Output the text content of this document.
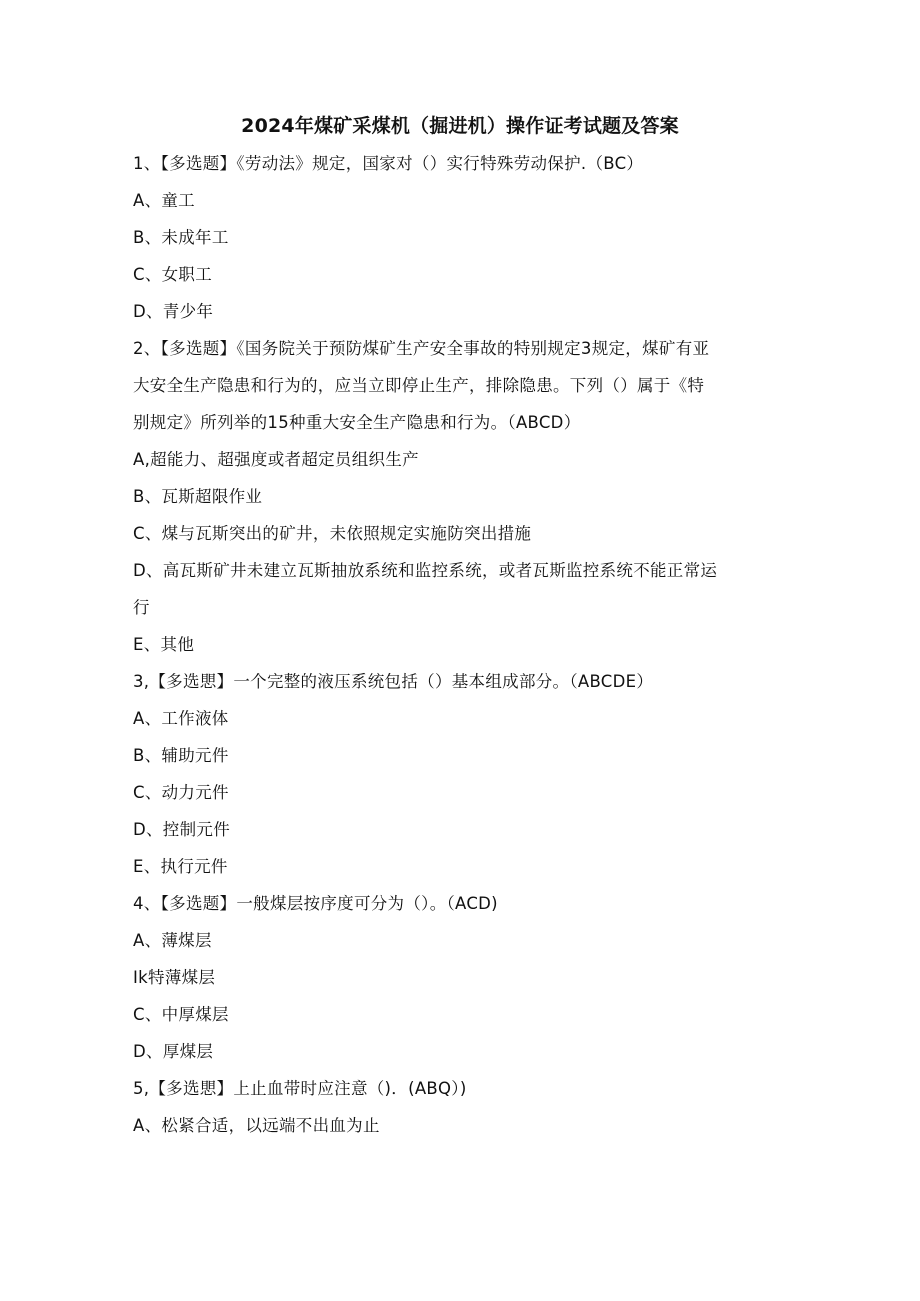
2024年煤矿采煤机（掘进机）操作证考试题及答案
1、【多选题】《劳动法》规定，国家对（）实行特殊劳动保护.（BC）
A、童工
B、未成年工
C、女职工
D、青少年
2、【多选题】《国务院关于预防煤矿生产安全事故的特别规定3规定，煤矿有亚
大安全生产隐患和行为的，应当立即停止生产，排除隐患。下列（）属于《特
别规定》所列举的15种重大安全生产隐患和行为。（ABCD）
A,超能力、超强度或者超定员组织生产
B、瓦斯超限作业
C、煤与瓦斯突出的矿井，未依照规定实施防突出措施
D、高瓦斯矿井未建立瓦斯抽放系统和监控系统，或者瓦斯监控系统不能正常运
行
E、其他
3,【多选愳】一个完整的液压系统包括（）基本组成部分。（ABCDE）
A、工作液体
B、辅助元件
C、动力元件
D、控制元件
E、执行元件
4、【多选题】一般煤层按序度可分为（）。（ACD)
A、薄煤层
Ik特薄煤层
C、中厚煤层
D、厚煤层
5,【多选愳】上止血带时应注意（)．(ABQ）)
A、松紧合适，以远端不出血为止
